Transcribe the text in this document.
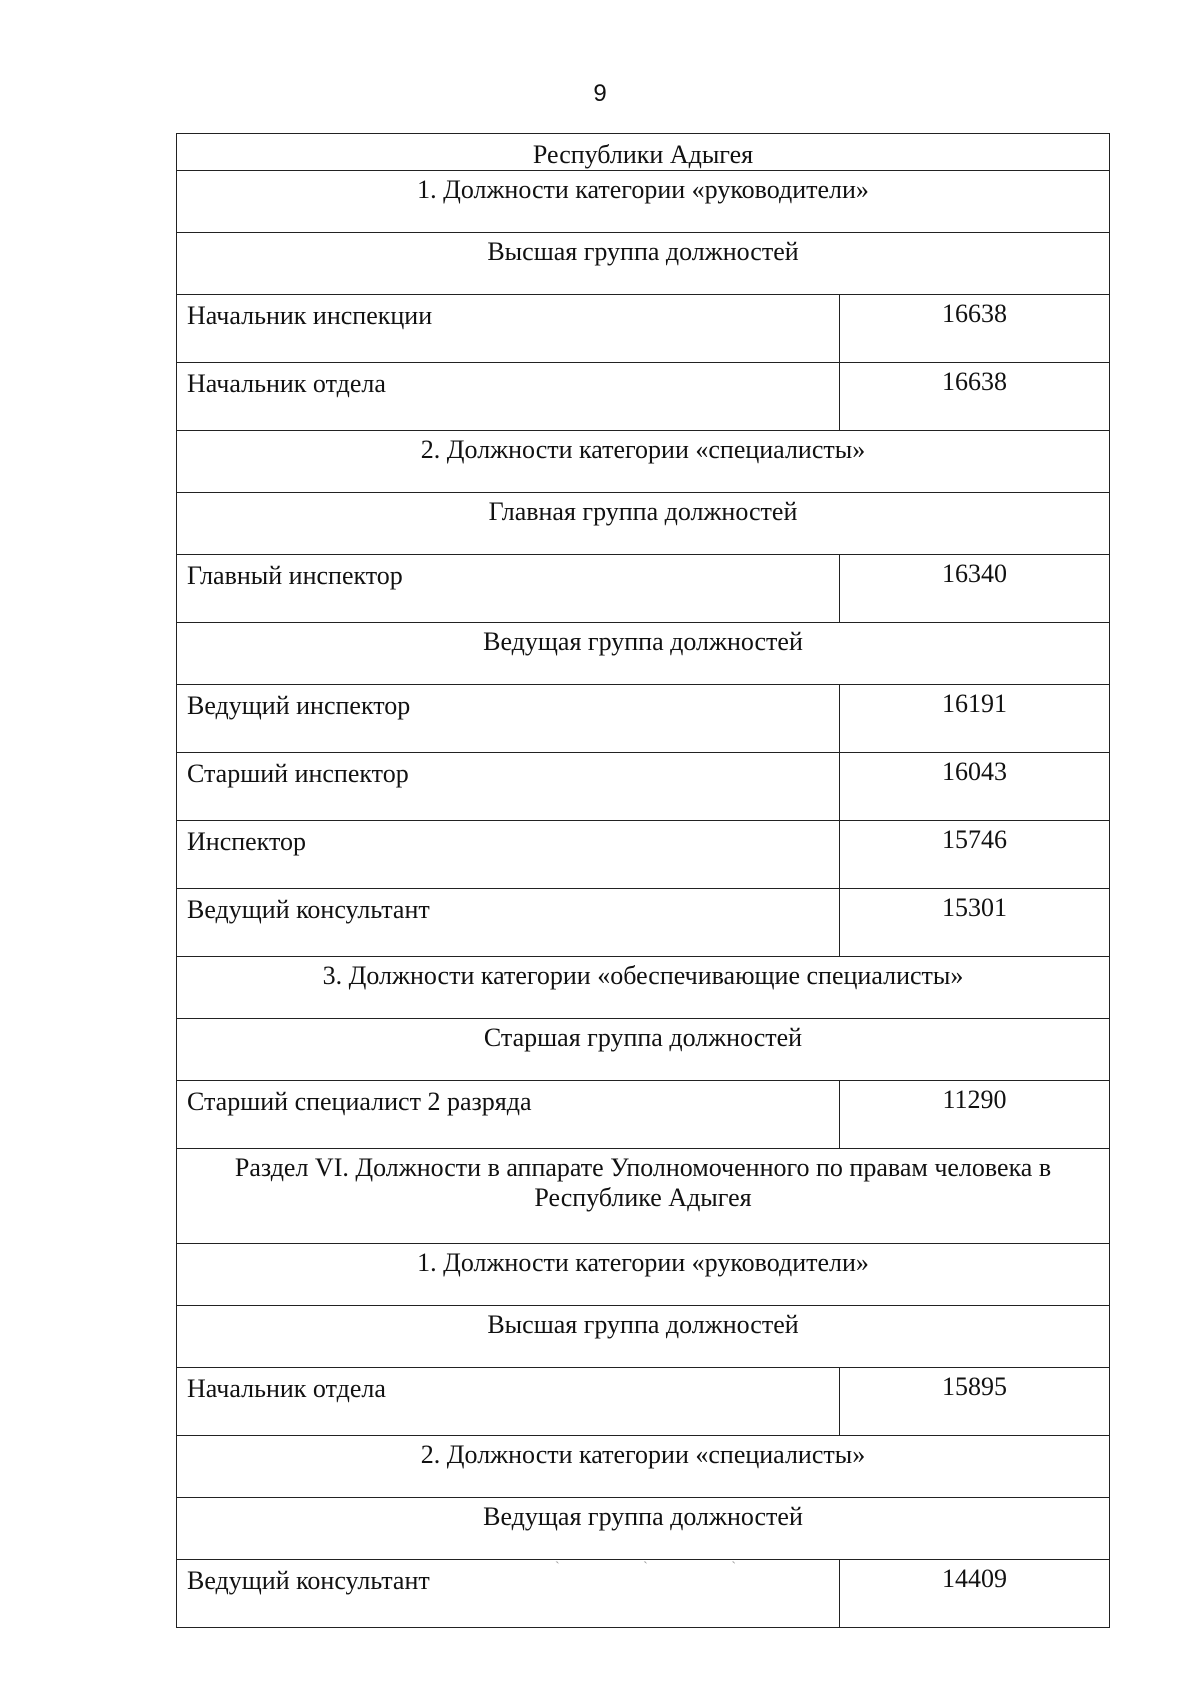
9
Республики Адыгея	

1. Должности категории «руководители»	

Высшая группа должностей	

Начальник инспекции	16638
Начальник отдела	16638

2. Должности категории «специалисты»	

Главная группа должностей	

Главный инспектор	16340

Ведущая группа должностей	

Ведущий инспектор	16191
Старший инспектор	16043
Инспектор	15746
Ведущий консультант	15301

3. Должности категории «обеспечивающие специалисты»	

Старшая группа должностей	

Старший специалист 2 разряда	11290

Раздел VI. Должности в аппарате Уполномоченного по правам человека в Республике Адыгея	

1. Должности категории «руководители»	

Высшая группа должностей	

Начальник отдела	15895

2. Должности категории «специалисты»	

Ведущая группа должностей	

Ведущий консультант	14409
` ` `
